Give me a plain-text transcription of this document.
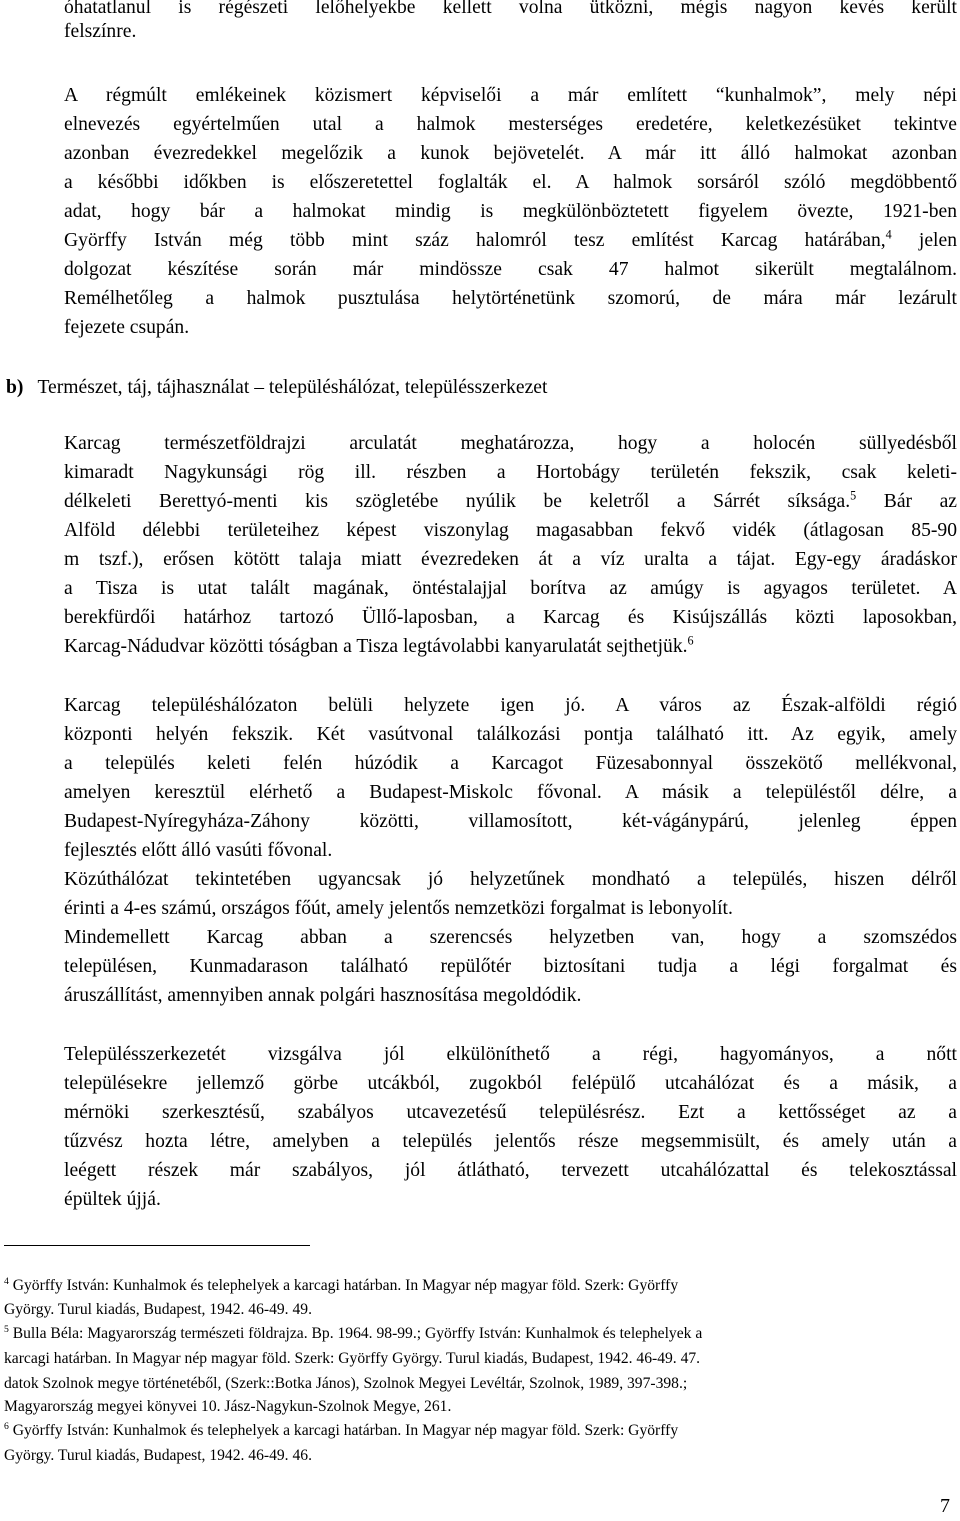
óhatatlanul is régészeti lelőhelyekbe kellett volna ütközni, mégis nagyon kevés került
felszínre.
A régmúlt emlékeinek közismert képviselői a már említett “kunhalmok”, mely népi
elnevezés egyértelműen utal a halmok mesterséges eredetére, keletkezésüket tekintve
azonban évezredekkel megelőzik a kunok bejövetelét. A már itt álló halmokat azonban
a későbbi időkben is előszeretettel foglalták el. A halmok sorsáról szóló megdöbbentő
adat, hogy bár a halmokat mindig is megkülönböztetett figyelem övezte, 1921-ben
Györffy István még több mint száz halomról tesz említést Karcag határában,$^4$ jelen
dolgozat készítése során már mindössze csak 47 halmot sikerült megtalálnom.
Remélhetőleg a halmok pusztulása helytörténetünk szomorú, de mára már lezárult
fejezete csupán.
b) Természet, táj, tájhasználat – településhálózat, településszerkezet
Karcag természetföldrajzi arculatát meghatározza, hogy a holocén süllyedésből
kimaradt Nagykunsági rög ill. részben a Hortobágy területén fekszik, csak keleti-
délkeleti Berettyó-menti kis szögletébe nyúlik be keletről a Sárrét síksága.$^5$ Bár az
Alföld délebbi területeihez képest viszonylag magasabban fekvő vidék (átlagosan 85-90
m tszf.), erősen kötött talaja miatt évezredeken át a víz uralta a tájat. Egy-egy áradáskor
a Tisza is utat talált magának, öntéstalajjal borítva az amúgy is agyagos területet. A
berekfürdői határhoz tartozó Üllő-laposban, a Karcag és Kisújszállás közti laposokban,
Karcag-Nádudvar közötti tóságban a Tisza legtávolabbi kanyarulatát sejthetjük.$^6$
Karcag településhálózaton belüli helyzete igen jó. A város az Észak-alföldi régió
központi helyén fekszik. Két vasútvonal találkozási pontja található itt. Az egyik, amely
a település keleti felén húzódik a Karcagot Füzesabonnyal összekötő mellékvonal,
amelyen keresztül elérhető a Budapest-Miskolc fővonal. A másik a településtől délre, a
Budapest-Nyíregyháza-Záhony közötti, villamosított, két-vágánypárú, jelenleg éppen
fejlesztés előtt álló vasúti fővonal.
Közúthálózat tekintetében ugyancsak jó helyzetűnek mondható a település, hiszen délről
érinti a 4-es számú, országos főút, amely jelentős nemzetközi forgalmat is lebonyolít.
Mindemellett Karcag abban a szerencsés helyzetben van, hogy a szomszédos
településen, Kunmadarason található repülőtér biztosítani tudja a légi forgalmat és
áruszállítást, amennyiben annak polgári hasznosítása megoldódik.
Településszerkezetét vizsgálva jól elkülöníthető a régi, hagyományos, a nőtt
településekre jellemző görbe utcákból, zugokból felépülő utcahálózat és a másik, a
mérnöki szerkesztésű, szabályos utcavezetésű településrész. Ezt a kettősséget az a
tűzvész hozta létre, amelyben a település jelentős része megsemmisült, és amely után a
leégett részek már szabályos, jól átlátható, tervezett utcahálózattal és telekosztással
épültek újjá.
$^4$ Györffy István: Kunhalmok és telephelyek a karcagi határban. In Magyar nép magyar föld. Szerk: Györffy
György. Turul kiadás, Budapest, 1942. 46-49. 49.
$^5$ Bulla Béla: Magyarország természeti földrajza. Bp. 1964. 98-99.; Györffy István: Kunhalmok és telephelyek a
karcagi határban. In Magyar nép magyar föld. Szerk: Györffy György. Turul kiadás, Budapest, 1942. 46-49. 47.
datok Szolnok megye történetéből, (Szerk::Botka János), Szolnok Megyei Levéltár, Szolnok, 1989, 397-398.;
Magyarország megyei könyvei 10. Jász-Nagykun-Szolnok Megye, 261.
$^6$ Györffy István: Kunhalmok és telephelyek a karcagi határban. In Magyar nép magyar föld. Szerk: Györffy
György. Turul kiadás, Budapest, 1942. 46-49. 46.
7
